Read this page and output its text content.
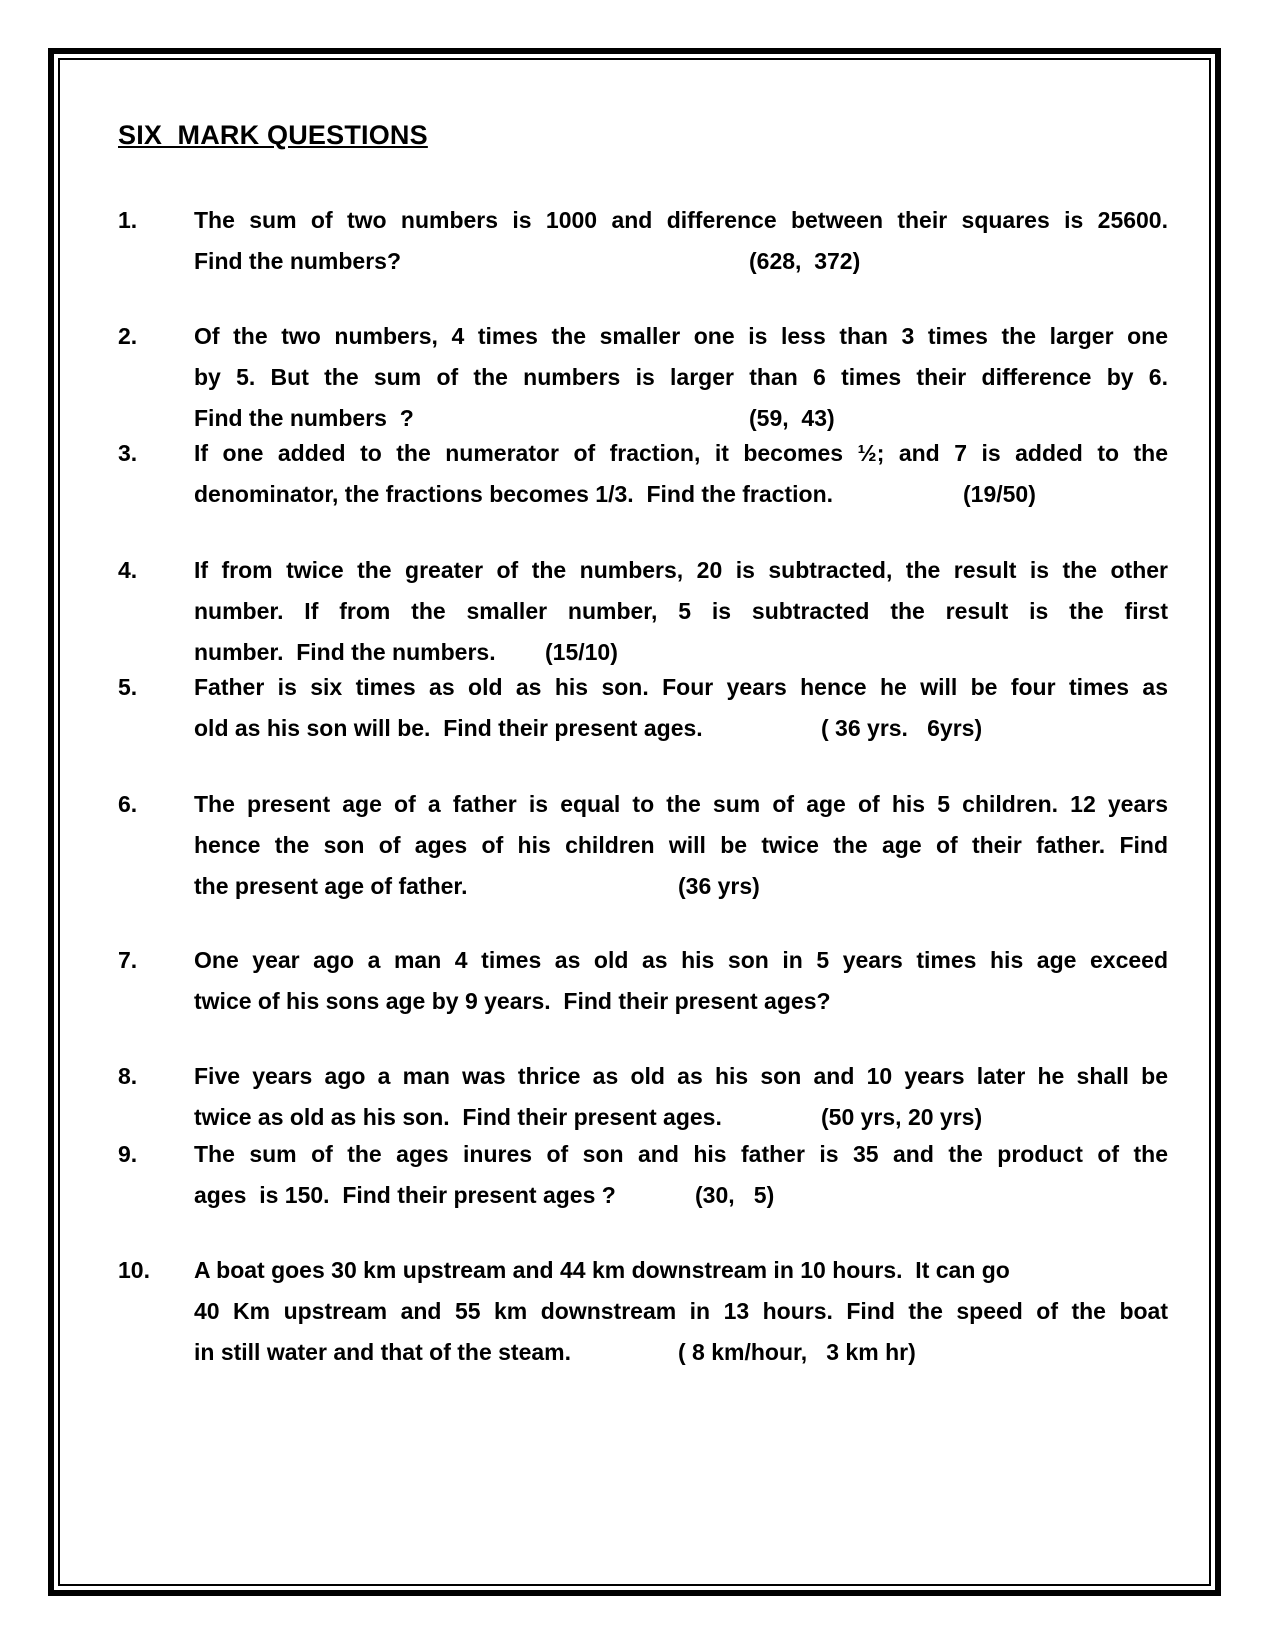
SIX  MARK QUESTIONS
1. The sum of two numbers is 1000 and difference between their squares is 25600.
Find the numbers?	(628,  372)
2. Of the two numbers, 4 times the smaller one is less than 3 times the larger one
by 5. But the sum of the numbers is larger than 6 times their difference by 6.
Find the numbers  ?	(59,  43)
3. If one added to the numerator of fraction, it becomes ½; and 7 is added to the
denominator, the fractions becomes 1/3.  Find the fraction.	(19/50)
4. If from twice the greater of the numbers, 20 is subtracted, the result is the other
number. If from the smaller number, 5 is subtracted the result is the first
number.  Find the numbers. (15/10)
5. Father is six times as old as his son. Four years hence he will be four times as
old as his son will be.  Find their present ages.	( 36 yrs.   6yrs)
6. The present age of a father is equal to the sum of age of his 5 children. 12 years
hence the son of ages of his children will be twice the age of their father. Find
the present age of father.	(36 yrs)
7. One year ago a man 4 times as old as his son in 5 years times his age exceed
twice of his sons age by 9 years.  Find their present ages?
8. Five years ago a man was thrice as old as his son and 10 years later he shall be
twice as old as his son.  Find their present ages.	(50 yrs, 20 yrs)
9. The sum of the ages inures of son and his father is 35 and the product of the
ages  is 150.  Find their present ages ?	(30,   5)
10. A boat goes 30 km upstream and 44 km downstream in 10 hours.  It can go
40 Km upstream and 55 km downstream in 13 hours. Find the speed of the boat
in still water and that of the steam.	( 8 km/hour,   3 km hr)
